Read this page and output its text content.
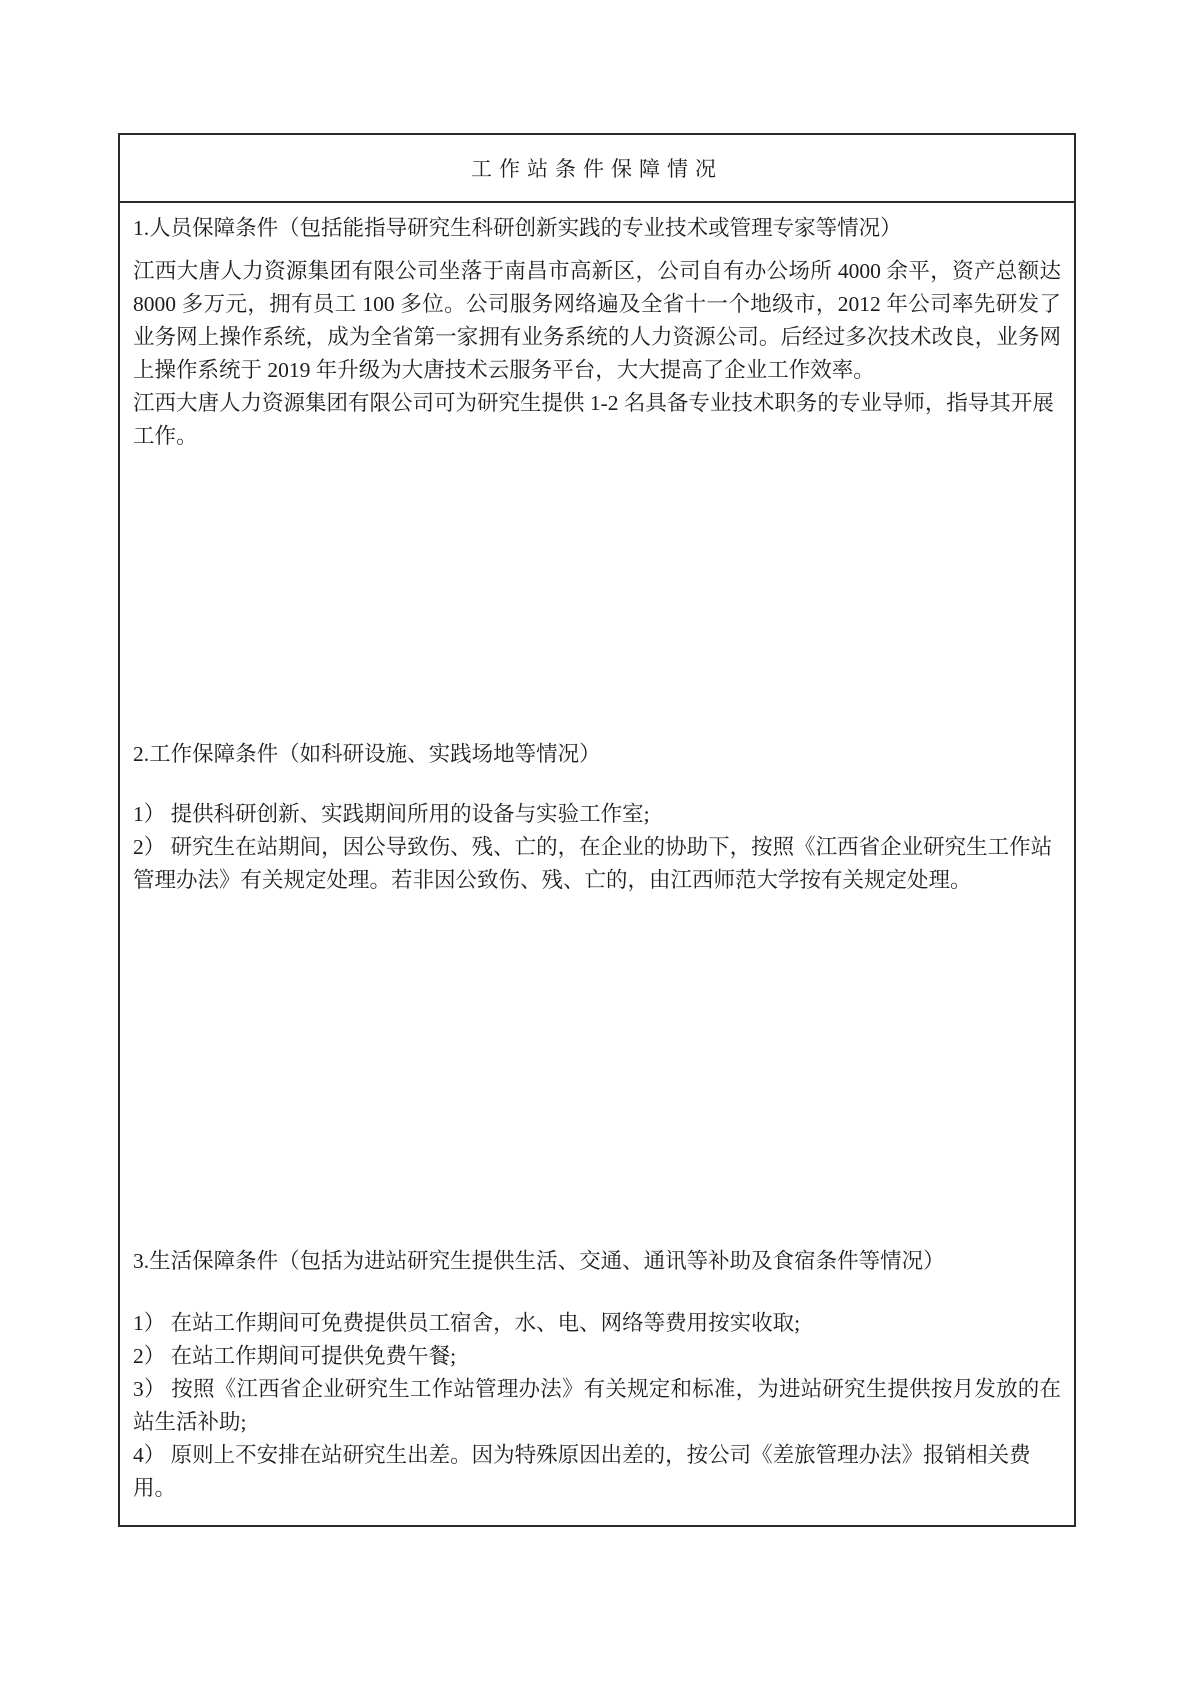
工作站条件保障情况
1.人员保障条件（包括能指导研究生科研创新实践的专业技术或管理专家等情况）

江西大唐人力资源集团有限公司坐落于南昌市高新区，公司自有办公场所 4000 余平，资产总额达 8000 多万元，拥有员工 100 多位。公司服务网络遍及全省十一个地级市，2012 年公司率先研发了业务网上操作系统，成为全省第一家拥有业务系统的人力资源公司。后经过多次技术改良，业务网上操作系统于 2019 年升级为大唐技术云服务平台，大大提高了企业工作效率。

江西大唐人力资源集团有限公司可为研究生提供 1-2 名具备专业技术职务的专业导师，指导其开展工作。

2.工作保障条件（如科研设施、实践场地等情况）

1） 提供科研创新、实践期间所用的设备与实验工作室;

2） 研究生在站期间，因公导致伤、残、亡的，在企业的协助下，按照《江西省企业研究生工作站管理办法》有关规定处理。若非因公致伤、残、亡的，由江西师范大学按有关规定处理。

3.生活保障条件（包括为进站研究生提供生活、交通、通讯等补助及食宿条件等情况）

1） 在站工作期间可免费提供员工宿舍，水、电、网络等费用按实收取;

2） 在站工作期间可提供免费午餐;

3） 按照《江西省企业研究生工作站管理办法》有关规定和标准，为进站研究生提供按月发放的在站生活补助;

4） 原则上不安排在站研究生出差。因为特殊原因出差的，按公司《差旅管理办法》报销相关费用。
